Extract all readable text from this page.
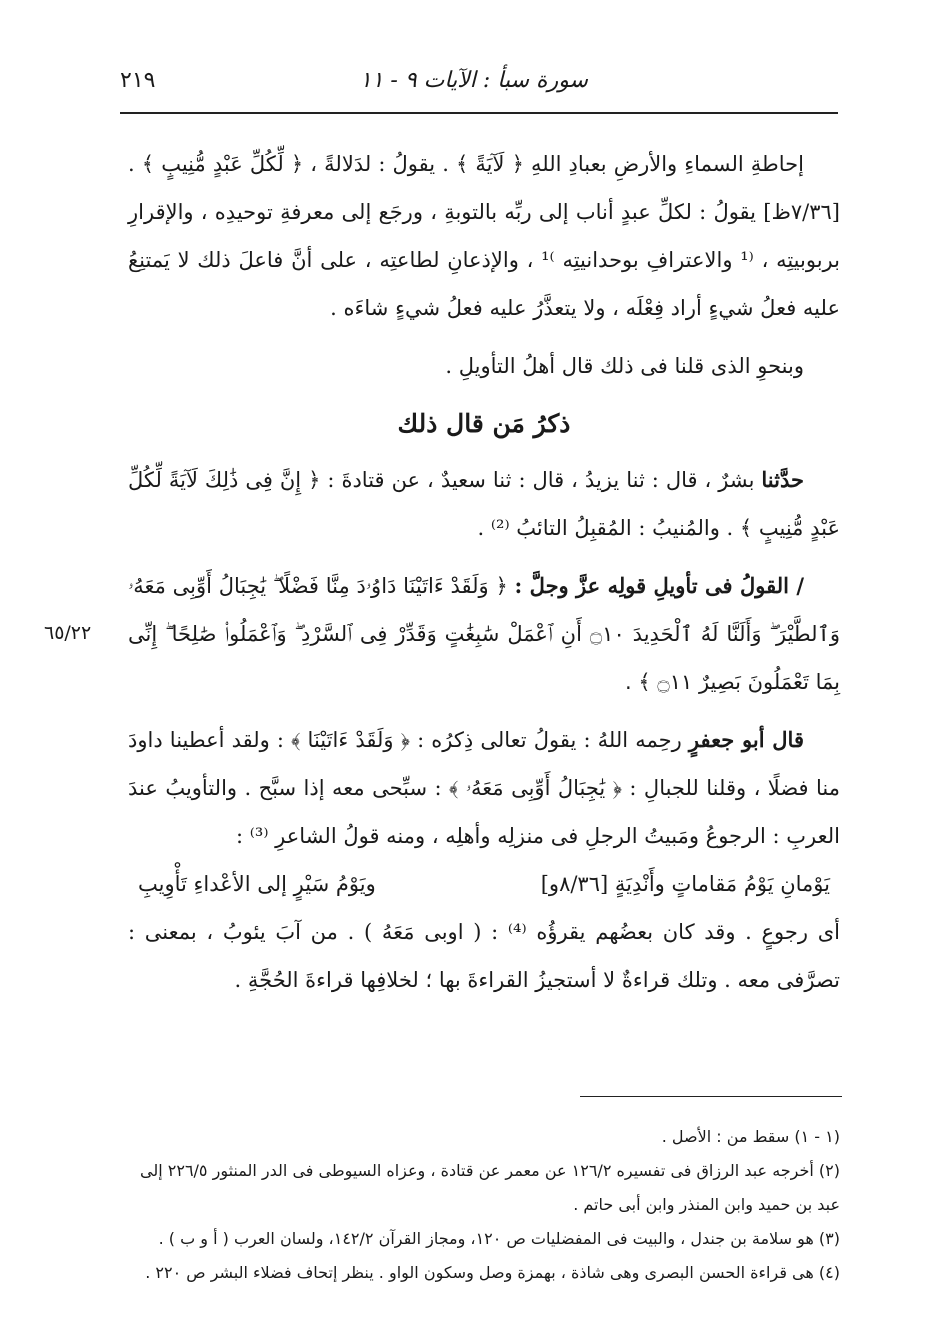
سورة سبأ : الآيات ٩ - ١١
٢١٩
٦٥/٢٢

إحاطةِ السماءِ والأرضِ بعبادِ اللهِ ﴿ لَآيَةً ﴾ . يقولُ : لدَلالةً ، ﴿ لِّكُلِّ عَبْدٍ مُّنِيبٍ ﴾ . [٧/٣٦ظ] يقولُ : لكلِّ عبدٍ أناب إلى ربِّه بالتوبةِ ، ورجَع إلى معرفةِ توحيدِه ، والإقرارِ بربوبيتِه ، ⁽¹ والاعترافِ بوحدانيتِه ⁾¹ ، والإذعانِ لطاعتِه ، على أنَّ فاعلَ ذلك لا يَمتنِعُ عليه فعلُ شيءٍ أراد فِعْلَه ، ولا يتعذَّرُ عليه فعلُ شيءٍ شاءَه .

وبنحوِ الذى قلنا فى ذلك قال أهلُ التأويلِ .

ذكرُ مَن قال ذلك

حدَّثنا بشرٌ ، قال : ثنا يزيدُ ، قال : ثنا سعيدٌ ، عن قتادةَ : ﴿ إِنَّ فِى ذَٰلِكَ لَآيَةً لِّكُلِّ عَبْدٍ مُّنِيبٍ ﴾ . والمُنيبُ : المُقبِلُ التائبُ ⁽²⁾ .

/ القولُ فى تأويلِ قولِه عزَّ وجلَّ : ﴿ وَلَقَدْ ءَاتَيْنَا دَاوُۥدَ مِنَّا فَضْلًا ۖ يَٰجِبَالُ أَوِّبِى مَعَهُۥ وَٱلطَّيْرَ ۖ وَأَلَنَّا لَهُ ٱلْحَدِيدَ ۝١٠ أَنِ ٱعْمَلْ سَٰبِغَٰتٍ وَقَدِّرْ فِى ٱلسَّرْدِ ۖ وَٱعْمَلُوا۟ صَٰلِحًا ۖ إِنِّى بِمَا تَعْمَلُونَ بَصِيرٌ ۝١١ ﴾ .

قال أبو جعفرٍ رحِمه اللهُ : يقولُ تعالى ذِكرُه : ﴿ وَلَقَدْ ءَاتَيْنَا ﴾ : ولقد أعطينا داودَ منا فضلًا ، وقلنا للجبالِ : ﴿ يَٰجِبَالُ أَوِّبِى مَعَهُۥ ﴾ : سبِّحى معه إذا سبَّح . والتأويبُ عندَ العربِ : الرجوعُ ومَبيتُ الرجلِ فى منزلِه وأهلِه ، ومنه قولُ الشاعرِ ⁽³⁾ :

يَوْمانِ يَوْمُ مَقاماتٍ وأَنْدِيَةٍ [٨/٣٦و]
ويَوْمُ سَيْرٍ إلى الأعْداءِ تَأْوِيبِ

أى رجوعٍ . وقد كان بعضُهم يقرؤُه ⁽⁴⁾ : ( اوبى مَعَهُ ) . من آبَ يئوبُ ، بمعنى : تصرَّفى معه . وتلك قراءةٌ لا أستجيزُ القراءةَ بها ؛ لخلافِها قراءةَ الحُجَّةِ .

(١ - ١) سقط من : الأصل .

(٢) أخرجه عبد الرزاق فى تفسيره ١٢٦/٢ عن معمر عن قتادة ، وعزاه السيوطى فى الدر المنثور ٢٢٦/٥ إلى

عبد بن حميد وابن المنذر وابن أبى حاتم .

(٣) هو سلامة بن جندل ، والبيت فى المفضليات ص ١٢٠، ومجاز القرآن ١٤٢/٢، ولسان العرب ( أ و ب ) .

(٤) هى قراءة الحسن البصرى وهى شاذة ، بهمزة وصل وسكون الواو . ينظر إتحاف فضلاء البشر ص ٢٢٠ .
